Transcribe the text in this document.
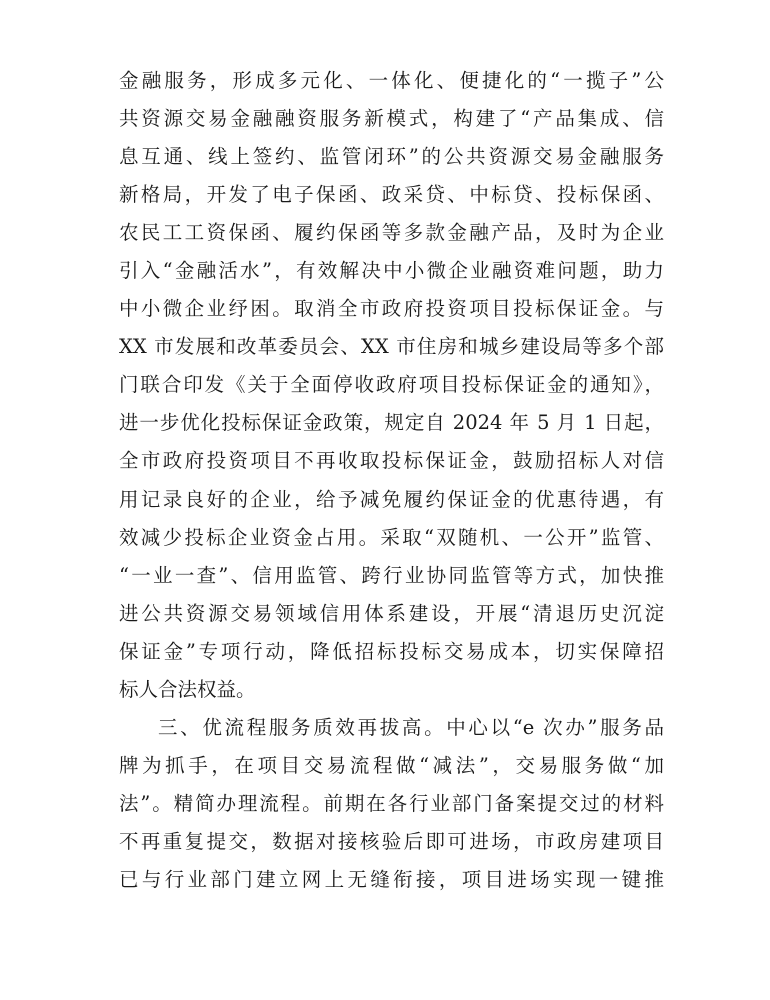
金融服务，形成多元化、一体化、便捷化的“一揽子”公
共资源交易金融融资服务新模式，构建了“产品集成、信
息互通、线上签约、监管闭环”的公共资源交易金融服务
新格局，开发了电子保函、政采贷、中标贷、投标保函、
农民工工资保函、履约保函等多款金融产品，及时为企业
引入“金融活水”，有效解决中小微企业融资难问题，助力
中小微企业纾困。取消全市政府投资项目投标保证金。与
XX 市发展和改革委员会、XX 市住房和城乡建设局等多个部
门联合印发《关于全面停收政府项目投标保证金的通知》，
进一步优化投标保证金政策，规定自 2024 年 5 月 1 日起，
全市政府投资项目不再收取投标保证金，鼓励招标人对信
用记录良好的企业，给予减免履约保证金的优惠待遇，有
效减少投标企业资金占用。采取“双随机、一公开”监管、
“一业一查”、信用监管、跨行业协同监管等方式，加快推
进公共资源交易领域信用体系建设，开展“清退历史沉淀
保证金”专项行动，降低招标投标交易成本，切实保障招
标人合法权益。
三、优流程服务质效再拔高。中心以“e 次办”服务品
牌为抓手，在项目交易流程做“减法”，交易服务做“加
法”。精简办理流程。前期在各行业部门备案提交过的材料
不再重复提交，数据对接核验后即可进场，市政房建项目
已与行业部门建立网上无缝衔接，项目进场实现一键推
